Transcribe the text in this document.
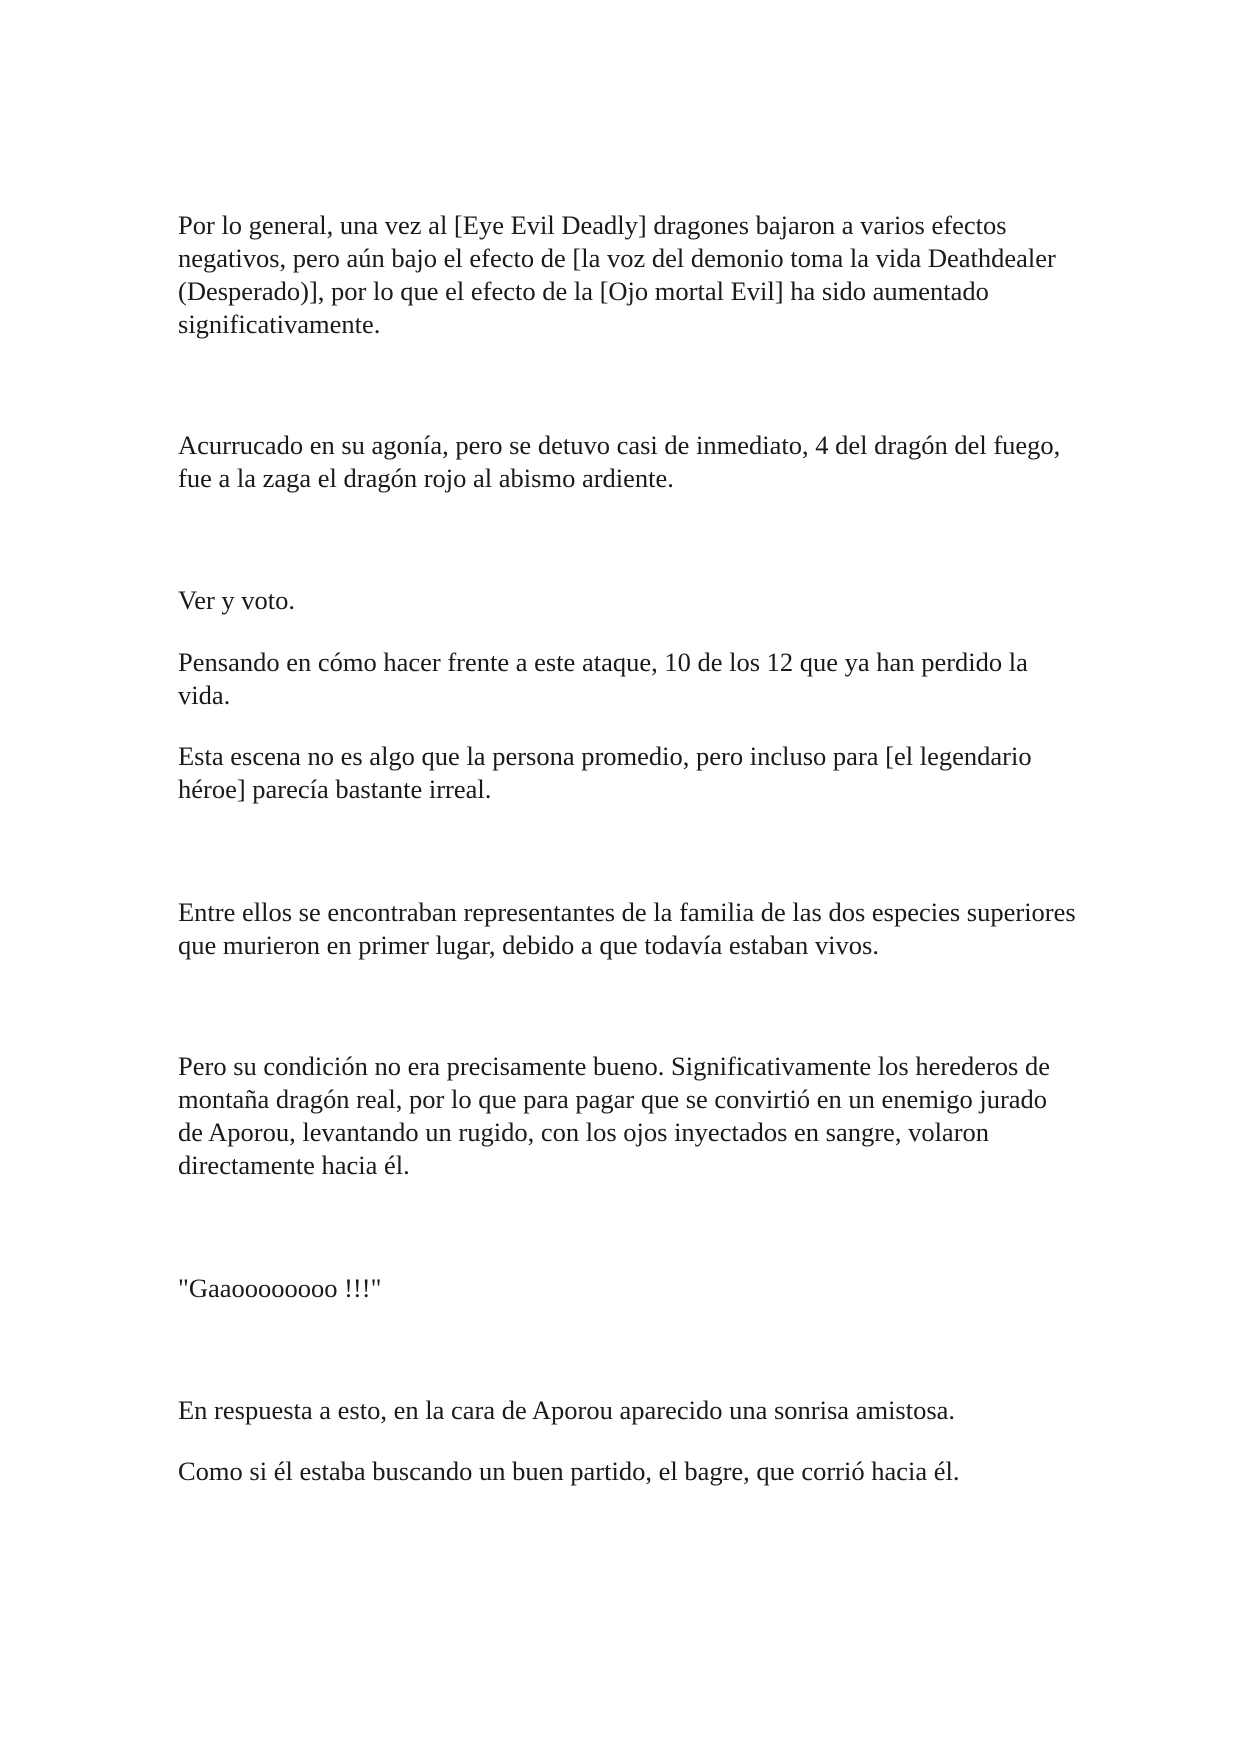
Por lo general, una vez al [Eye Evil Deadly] dragones bajaron a varios efectos negativos, pero aún bajo el efecto de [la voz del demonio toma la vida Deathdealer (Desperado)], por lo que el efecto de la [Ojo mortal Evil] ha sido aumentado significativamente.

Acurrucado en su agonía, pero se detuvo casi de inmediato, 4 del dragón del fuego, fue a la zaga el dragón rojo al abismo ardiente.

Ver y voto.

Pensando en cómo hacer frente a este ataque, 10 de los 12 que ya han perdido la vida.

Esta escena no es algo que la persona promedio, pero incluso para [el legendario héroe] parecía bastante irreal.

Entre ellos se encontraban representantes de la familia de las dos especies superiores que murieron en primer lugar, debido a que todavía estaban vivos.

Pero su condición no era precisamente bueno. Significativamente los herederos de montaña dragón real, por lo que para pagar que se convirtió en un enemigo jurado de Aporou, levantando un rugido, con los ojos inyectados en sangre, volaron directamente hacia él.

"Gaaoooooooo !!!"

En respuesta a esto, en la cara de Aporou aparecido una sonrisa amistosa.

Como si él estaba buscando un buen partido, el bagre, que corrió hacia él.
